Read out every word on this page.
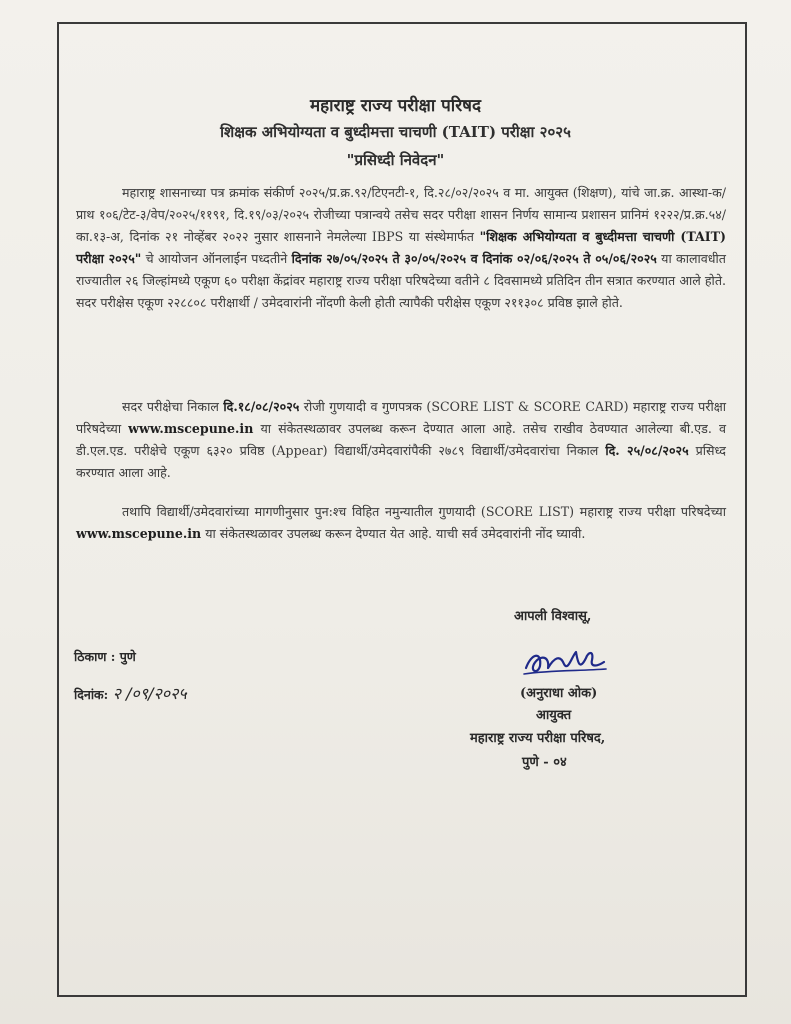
महाराष्ट्र राज्य परीक्षा परिषद
शिक्षक अभियोग्यता व बुध्दीमत्ता चाचणी (TAIT) परीक्षा २०२५
"प्रसिध्दी निवेदन"
महाराष्ट्र शासनाच्या पत्र क्रमांक संकीर्ण २०२५/प्र.क्र.९२/टिएनटी-१, दि.२८/०२/२०२५ व मा. आयुक्त (शिक्षण), यांचे जा.क्र. आस्था-क/प्राथ १०६/टेट-३/वेप/२०२५/११९१, दि.१९/०३/२०२५ रोजीच्या पत्रान्वये तसेच सदर परीक्षा शासन निर्णय सामान्य प्रशासन प्रानिमं १२२२/प्र.क्र.५४/का.१३-अ, दिनांक २१ नोव्हेंबर २०२२ नुसार शासनाने नेमलेल्या IBPS या संस्थेमार्फत "शिक्षक अभियोग्यता व बुध्दीमत्ता चाचणी (TAIT) परीक्षा २०२५" चे आयोजन ऑनलाईन पध्दतीने दिनांक २७/०५/२०२५ ते ३०/०५/२०२५ व दिनांक ०२/०६/२०२५ ते ०५/०६/२०२५ या कालावधीत राज्यातील २६ जिल्हांमध्ये एकूण ६० परीक्षा केंद्रांवर महाराष्ट्र राज्य परीक्षा परिषदेच्या वतीने ८ दिवसामध्ये प्रतिदिन तीन सत्रात करण्यात आले होते. सदर परीक्षेस एकूण २२८८०८ परीक्षार्थी / उमेदवारांनी नोंदणी केली होती त्यापैकी परीक्षेस एकूण २११३०८ प्रविष्ठ झाले होते.
सदर परीक्षेचा निकाल दि.१८/०८/२०२५ रोजी गुणयादी व गुणपत्रक (SCORE LIST & SCORE CARD) महाराष्ट्र राज्य परीक्षा परिषदेच्या www.mscepune.in या संकेतस्थळावर उपलब्ध करून देण्यात आला आहे. तसेच राखीव ठेवण्यात आलेल्या बी.एड. व डी.एल.एड. परीक्षेचे एकूण ६३२० प्रविष्ठ (Appear) विद्यार्थी/उमेदवारांपैकी २७८९ विद्यार्थी/उमेदवारांचा निकाल दि. २५/०८/२०२५ प्रसिध्द करण्यात आला आहे.
तथापि विद्यार्थी/उमेदवारांच्या मागणीनुसार पुन:श्च विहित नमुन्यातील गुणयादी (SCORE LIST) महाराष्ट्र राज्य परीक्षा परिषदेच्या www.mscepune.in या संकेतस्थळावर उपलब्ध करून देण्यात येत आहे. याची सर्व उमेदवारांनी नोंद घ्यावी.
आपली विश्वासू,
(अनुराधा ओक)
आयुक्त
महाराष्ट्र राज्य परीक्षा परिषद,
पुणे - ०४
ठिकाण : पुणे
दिनांक: २ /०९/२०२५
